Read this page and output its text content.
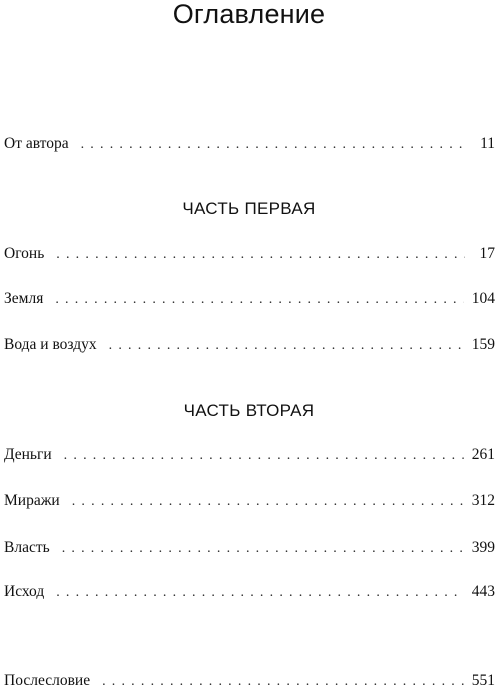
Оглавление
От автора . . .	11
ЧАСТЬ ПЕРВАЯ
Огонь . . .	17
Земля . . .	104
Вода и воздух . . .	159
ЧАСТЬ ВТОРАЯ
Деньги . . .	261
Миражи . . .	312
Власть . . .	399
Исход . . .	443
Послесловие . . .	551
